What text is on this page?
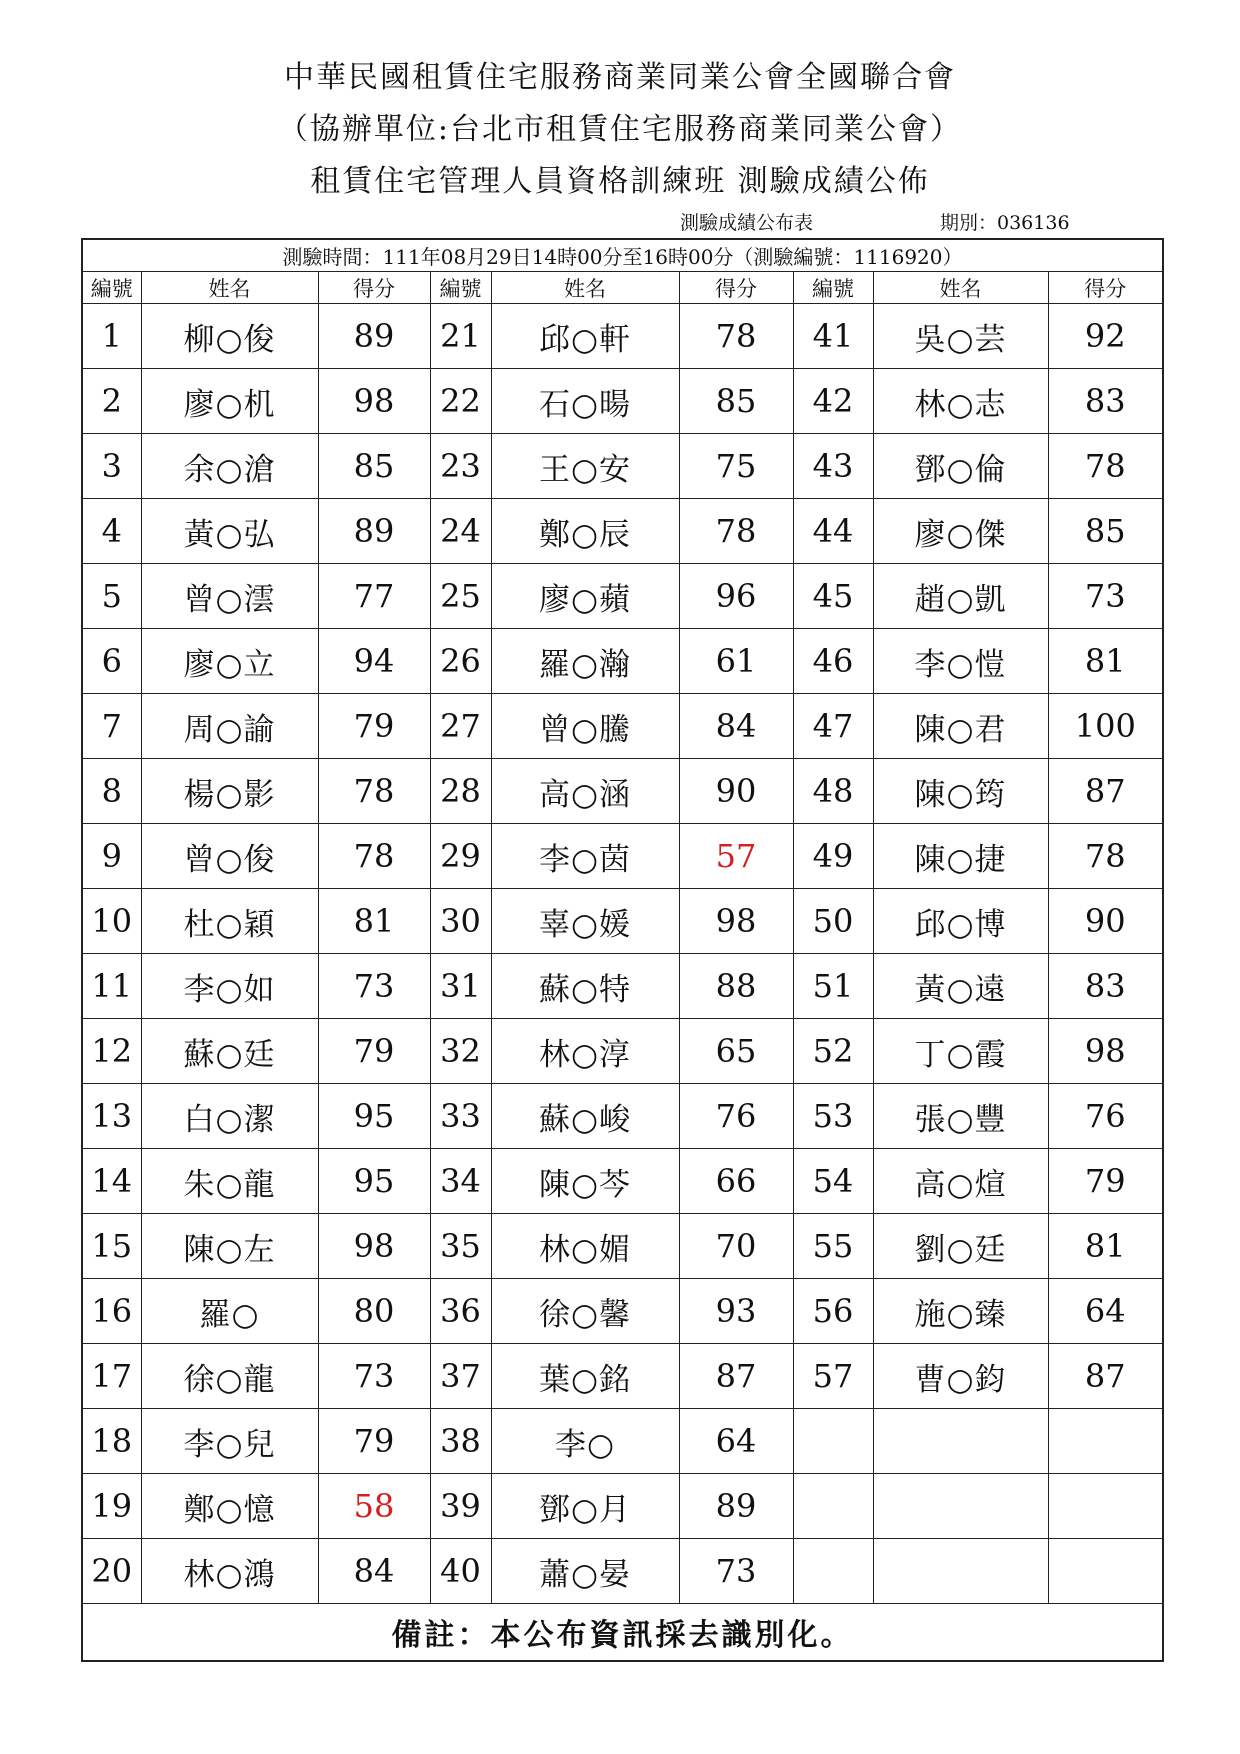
中華民國租賃住宅服務商業同業公會全國聯合會
（協辦單位:台北市租賃住宅服務商業同業公會）
租賃住宅管理人員資格訓練班 測驗成績公佈
測驗成績公布表	期別：036136
測驗時間：111年08月29日14時00分至16時00分（測驗編號：1116920）								
編號	姓名	得分	編號	姓名	得分	編號	姓名	得分
1	柳○俊	89	21	邱○軒	78	41	吳○芸	92
2	廖○机	98	22	石○暘	85	42	林○志	83
3	余○滄	85	23	王○安	75	43	鄧○倫	78
4	黃○弘	89	24	鄭○辰	78	44	廖○傑	85
5	曾○澐	77	25	廖○蘋	96	45	趙○凱	73
6	廖○立	94	26	羅○瀚	61	46	李○愷	81
7	周○諭	79	27	曾○騰	84	47	陳○君	100
8	楊○影	78	28	高○涵	90	48	陳○筠	87
9	曾○俊	78	29	李○茵	57	49	陳○捷	78
10	杜○穎	81	30	辜○媛	98	50	邱○博	90
11	李○如	73	31	蘇○特	88	51	黃○遠	83
12	蘇○廷	79	32	林○淳	65	52	丁○霞	98
13	白○潔	95	33	蘇○峻	76	53	張○豐	76
14	朱○龍	95	34	陳○芩	66	54	高○煊	79
15	陳○左	98	35	林○媚	70	55	劉○廷	81
16	羅○	80	36	徐○馨	93	56	施○臻	64
17	徐○龍	73	37	葉○銘	87	57	曹○鈞	87
18	李○兒	79	38	李○	64			
19	鄭○憶	58	39	鄧○月	89			
20	林○鴻	84	40	蕭○晏	73			
備註：本公布資訊採去識別化。								
